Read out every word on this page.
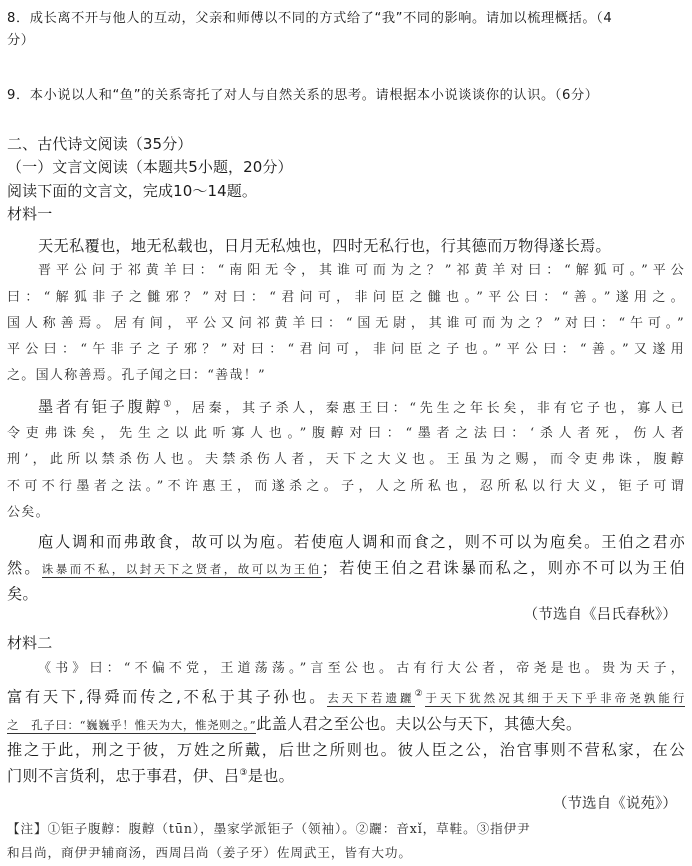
8．成长离不开与他人的互动，父亲和师傅以不同的方式给了“我”不同的影响。请加以梳理概括。（4
分）
9．本小说以人和“鱼”的关系寄托了对人与自然关系的思考。请根据本小说谈谈你的认识。（6分）
二、古代诗文阅读（35分）
（一）文言文阅读（本题共5小题，20分）
阅读下面的文言文，完成10～14题。
材料一
天无私覆也，地无私载也，日月无私烛也，四时无私行也，行其德而万物得遂长焉。
晋平公问于祁黄羊曰：“南阳无令，其谁可而为之？”祁黄羊对曰：“解狐可。”平公
曰：“解狐非子之雠邪？”对曰：“君问可，非问臣之雠也。”平公曰：“善。”遂用之。
国人称善焉。居有间，平公又问祁黄羊曰：“国无尉，其谁可而为之？”对曰：“午可。”
平公曰：“午非子之子邪？”对曰：“君问可，非问臣之子也。”平公曰：“善。”又遂用
之。国人称善焉。孔子闻之曰：“善哉！”
墨者有钜子腹䵍①，居秦，其子杀人，秦惠王曰：“先生之年长矣，非有它子也，寡人已
令吏弗诛矣，先生之以此听寡人也。”腹䵍对曰：“墨者之法曰：‘杀人者死，伤人者
刑’，此所以禁杀伤人也。夫禁杀伤人者，天下之大义也。王虽为之赐，而令吏弗诛，腹䵍
不可不行墨者之法。”不许惠王，而遂杀之。子，人之所私也，忍所私以行大义，钜子可谓
公矣。
庖人调和而弗敢食，故可以为庖。若使庖人调和而食之，则不可以为庖矣。王伯之君亦
然。诛暴而不私，以封天下之贤者，故可以为王伯；若使王伯之君诛暴而私之，则亦不可以为王伯
矣。
（节选自《吕氏春秋》）
材料二
《书》曰：“不偏不党，王道荡荡。”言至公也。古有行大公者，帝尧是也。贵为天子，
富有天下,得舜而传之,不私于其子孙也。去天下若遗躧②于天下犹然况其细于天下乎非帝尧孰能行
之　孔子曰：“巍巍乎！惟天为大，惟尧则之。”此盖人君之至公也。夫以公与天下，其德大矣。
推之于此，刑之于彼，万姓之所戴，后世之所则也。彼人臣之公，治官事则不营私家，在公
门则不言货利，忠于事君，伊、吕③是也。
（节选自《说苑》）
【注】①钜子腹䵍：腹䵍（tūn），墨家学派钜子（领袖）。②躧：音xǐ，草鞋。③指伊尹
和吕尚，商伊尹辅商汤，西周吕尚（姜子牙）佐周武王，皆有大功。
